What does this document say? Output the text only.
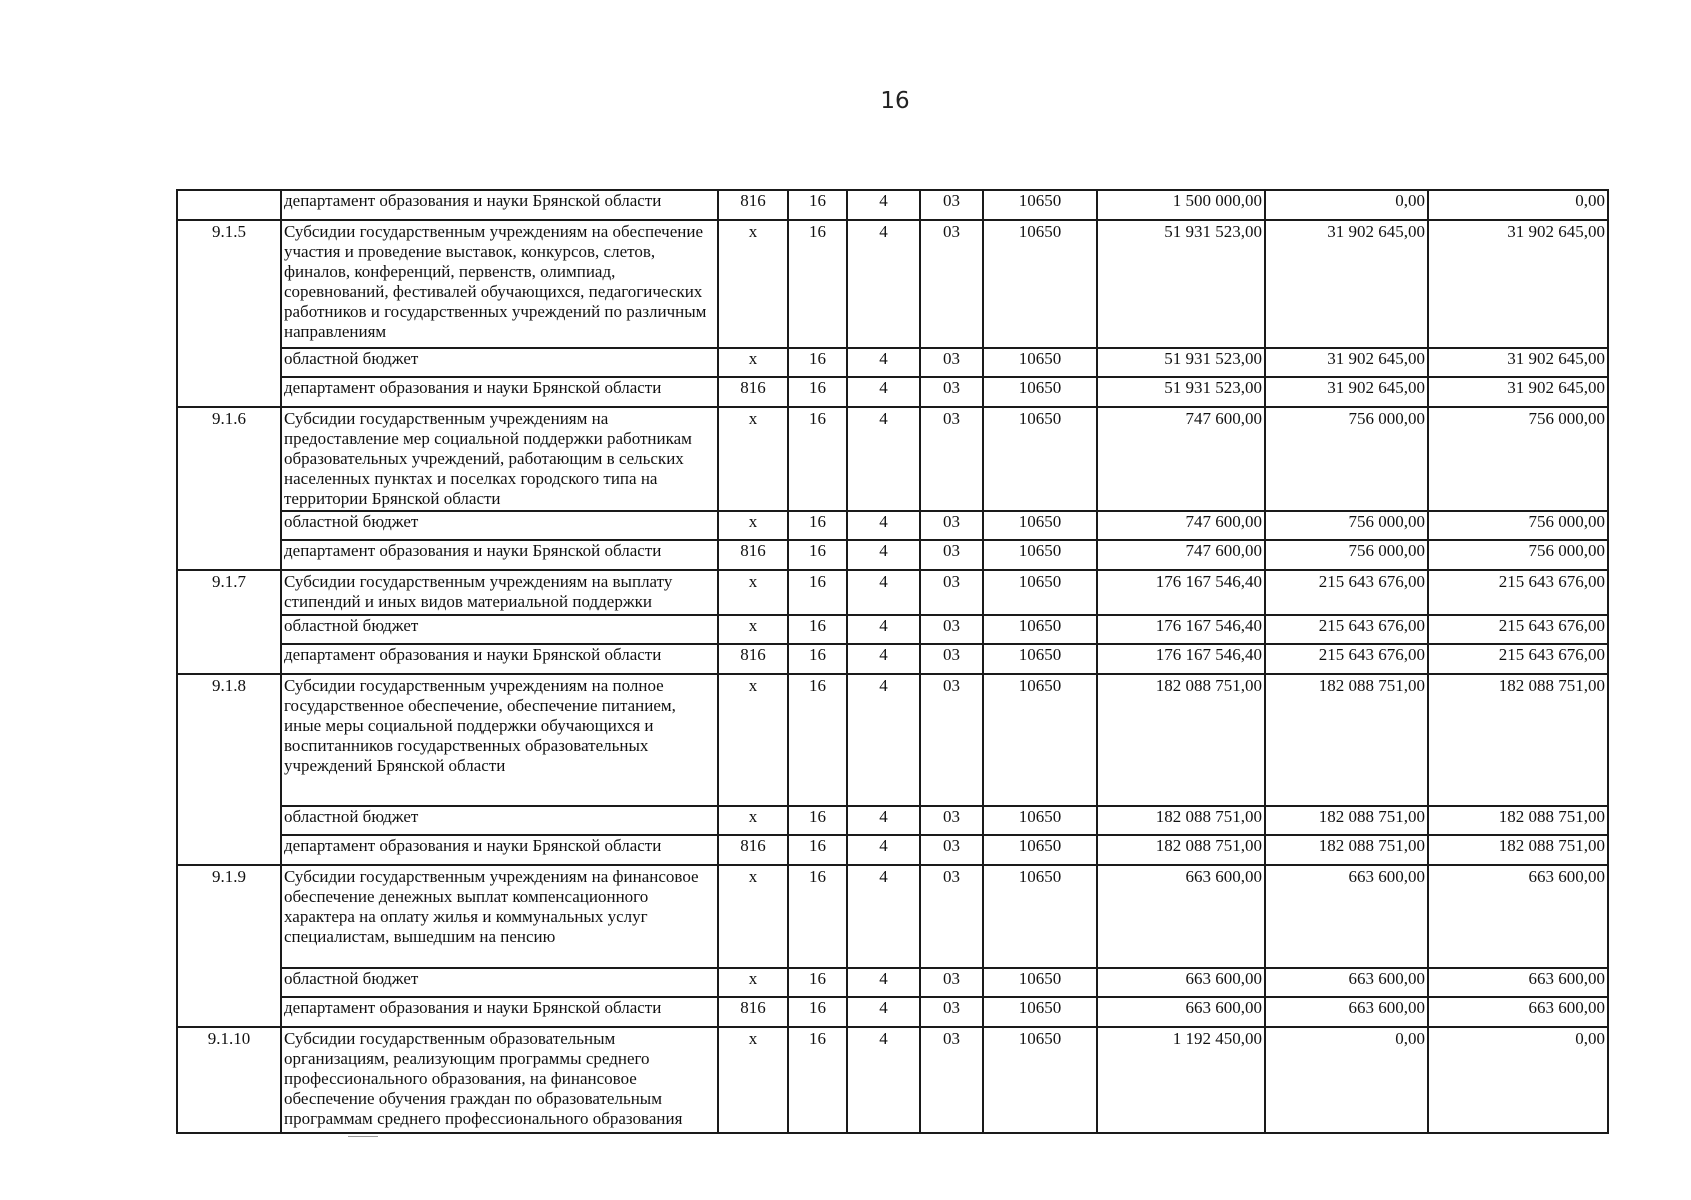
16
	департамент образования и науки Брянской области	816	16	4	03	10650	1 500 000,00	0,00	0,00
9.1.5	Субсидии государственным учреждениям на обеспечение участия и проведение выставок, конкурсов, слетов, финалов, конференций, первенств, олимпиад, соревнований, фестивалей обучающихся, педагогических работников и государственных учреждений по различным направлениям	х	16	4	03	10650	51 931 523,00	31 902 645,00	31 902 645,00
	областной бюджет	х	16	4	03	10650	51 931 523,00	31 902 645,00	31 902 645,00
	департамент образования и науки Брянской области	816	16	4	03	10650	51 931 523,00	31 902 645,00	31 902 645,00
9.1.6	Субсидии государственным учреждениям на предоставление мер социальной поддержки работникам образовательных учреждений, работающим в сельских населенных пунктах и поселках городского типа на территории Брянской области	х	16	4	03	10650	747 600,00	756 000,00	756 000,00
	областной бюджет	х	16	4	03	10650	747 600,00	756 000,00	756 000,00
	департамент образования и науки Брянской области	816	16	4	03	10650	747 600,00	756 000,00	756 000,00
9.1.7	Субсидии государственным учреждениям на выплату стипендий и иных видов материальной поддержки	х	16	4	03	10650	176 167 546,40	215 643 676,00	215 643 676,00
	областной бюджет	х	16	4	03	10650	176 167 546,40	215 643 676,00	215 643 676,00
	департамент образования и науки Брянской области	816	16	4	03	10650	176 167 546,40	215 643 676,00	215 643 676,00
9.1.8	Субсидии государственным учреждениям на полное государственное обеспечение, обеспечение питанием, иные меры социальной поддержки обучающихся и воспитанников государственных образовательных учреждений Брянской области	х	16	4	03	10650	182 088 751,00	182 088 751,00	182 088 751,00
	областной бюджет	х	16	4	03	10650	182 088 751,00	182 088 751,00	182 088 751,00
	департамент образования и науки Брянской области	816	16	4	03	10650	182 088 751,00	182 088 751,00	182 088 751,00
9.1.9	Субсидии государственным учреждениям на финансовое обеспечение денежных выплат компенсационного характера на оплату жилья и коммунальных услуг специалистам, вышедшим на пенсию	х	16	4	03	10650	663 600,00	663 600,00	663 600,00
	областной бюджет	х	16	4	03	10650	663 600,00	663 600,00	663 600,00
	департамент образования и науки Брянской области	816	16	4	03	10650	663 600,00	663 600,00	663 600,00
9.1.10	Субсидии государственным образовательным организациям, реализующим программы среднего профессионального образования, на финансовое обеспечение обучения граждан по образовательным программам среднего профессионального образования	х	16	4	03	10650	1 192 450,00	0,00	0,00
